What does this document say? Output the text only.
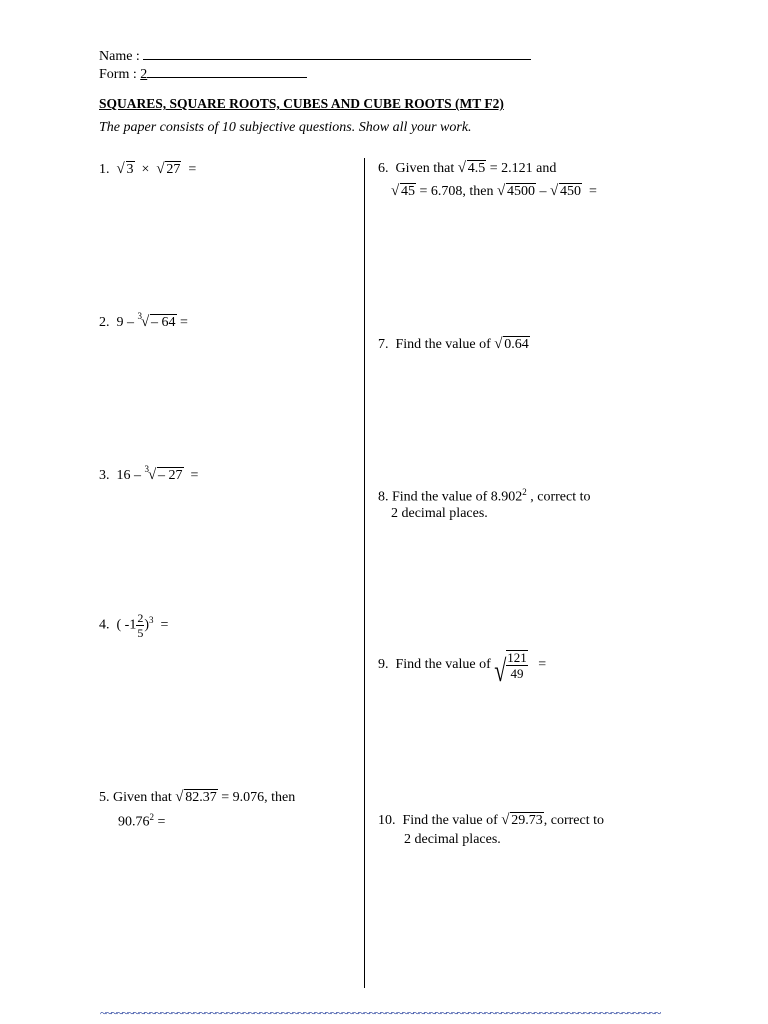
Name :
Form : 2
SQUARES, SQUARE ROOTS, CUBES AND CUBE ROOTS (MT F2)
The paper consists of 10 subjective questions. Show all your work.
1. √ 3 × √ 27 =
2. 9 – $^3$ √ – 64 =
3. 16 – $^3$ √ – 27 =
4. ( $-1 \frac{2}{5} )^3$ =
5. Given that √ 82.37 = 9.076, then
$90.76^2$ =
6. Given that √ 4.5 = 2.121 and
√ 45 = 6.708, then √ 4500 – √ 450 =
7. Find the value of √ 0.64
8. Find the value of 8.902$^2$ , correct to
2 decimal places.
9. Find the value of √ $\frac{121}{49}$ =
10. Find the value of √ 29.73, correct to
2 decimal places.
~~~~~~~~~~~~~~~~~~~~~~~~~~~~~~~~~~~~~~~~~~~~~~~~~~~~~~~~~~~~~~~~~~~~~~~~~~~~~~~~~~~~~~~~~~~~~~~~~~~~~~
